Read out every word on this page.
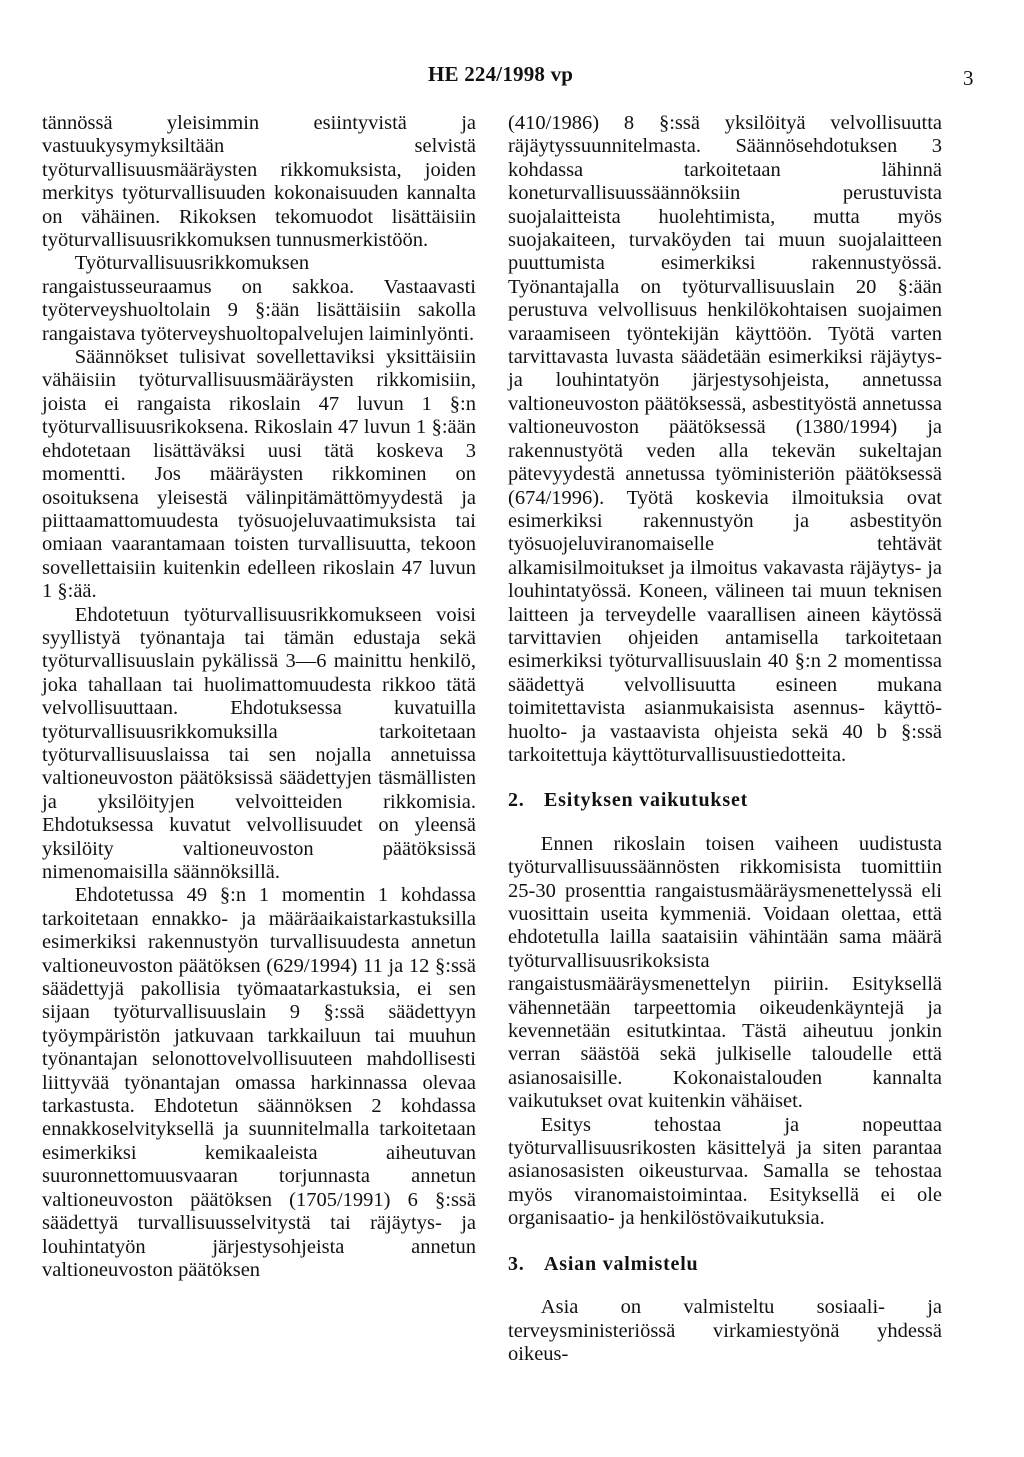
HE 224/1998 vp	3

tännössä yleisimmin esiintyvistä ja vastuukysymyksiltään selvistä työturvallisuusmääräysten rikkomuksista, joiden merkitys työturvallisuuden kokonaisuuden kannalta on vähäinen. Rikoksen tekomuodot lisättäisiin työturvallisuusrikkomuksen tunnusmerkistöön.

Työturvallisuusrikkomuksen rangaistusseuraamus on sakkoa. Vastaavasti työterveyshuoltolain 9 §:ään lisättäisiin sakolla rangaistava työterveyshuoltopalvelujen laiminlyönti.

Säännökset tulisivat sovellettaviksi yksittäisiin vähäisiin työturvallisuusmääräysten rikkomisiin, joista ei rangaista rikoslain 47 luvun 1 §:n työturvallisuusrikoksena. Rikoslain 47 luvun 1 §:ään ehdotetaan lisättäväksi uusi tätä koskeva 3 momentti. Jos määräysten rikkominen on osoituksena yleisestä välinpitämättömyydestä ja piittaamattomuudesta työsuojeluvaatimuksista tai omiaan vaarantamaan toisten turvallisuutta, tekoon sovellettaisiin kuitenkin edelleen rikoslain 47 luvun 1 §:ää.

Ehdotetuun työturvallisuusrikkomukseen voisi syyllistyä työnantaja tai tämän edustaja sekä työturvallisuuslain pykälissä 3—6 mainittu henkilö, joka tahallaan tai huolimattomuudesta rikkoo tätä velvollisuuttaan. Ehdotuksessa kuvatuilla työturvallisuusrikkomuksilla tarkoitetaan työturvallisuuslaissa tai sen nojalla annetuissa valtioneuvoston päätöksissä säädettyjen täsmällisten ja yksilöityjen velvoitteiden rikkomisia. Ehdotuksessa kuvatut velvollisuudet on yleensä yksilöity valtioneuvoston päätöksissä nimenomaisilla säännöksillä.

Ehdotetussa 49 §:n 1 momentin 1 kohdassa tarkoitetaan ennakko- ja määräaikaistarkastuksilla esimerkiksi rakennustyön turvallisuudesta annetun valtioneuvoston päätöksen (629/1994) 11 ja 12 §:ssä säädettyjä pakollisia työmaatarkastuksia, ei sen sijaan työturvallisuuslain 9 §:ssä säädettyyn työympäristön jatkuvaan tarkkailuun tai muuhun työnantajan selonottovelvollisuuteen mahdollisesti liittyvää työnantajan omassa harkinnassa olevaa tarkastusta. Ehdotetun säännöksen 2 kohdassa ennakkoselvityksellä ja suunnitelmalla tarkoitetaan esimerkiksi kemikaaleista aiheutuvan suuronnettomuusvaaran torjunnasta annetun valtioneuvoston päätöksen (1705/1991) 6 §:ssä säädettyä turvallisuusselvitystä tai räjäytys- ja louhintatyön järjestysohjeista annetun valtioneuvoston päätöksen

(410/1986) 8 §:ssä yksilöityä velvollisuutta räjäytyssuunnitelmasta. Säännösehdotuksen 3 kohdassa tarkoitetaan lähinnä koneturvallisuussäännöksiin perustuvista suojalaitteista huolehtimista, mutta myös suojakaiteen, turvaköyden tai muun suojalaitteen puuttumista esimerkiksi rakennustyössä. Työnantajalla on työturvallisuuslain 20 §:ään perustuva velvollisuus henkilökohtaisen suojaimen varaamiseen työntekijän käyttöön. Työtä varten tarvittavasta luvasta säädetään esimerkiksi räjäytys- ja louhintatyön järjestysohjeista, annetussa valtioneuvoston päätöksessä, asbestityöstä annetussa valtioneuvoston päätöksessä (1380/1994) ja rakennustyötä veden alla tekevän sukeltajan pätevyydestä annetussa työministeriön päätöksessä (674/1996). Työtä koskevia ilmoituksia ovat esimerkiksi rakennustyön ja asbestityön työsuojeluviranomaiselle tehtävät alkamisilmoitukset ja ilmoitus vakavasta räjäytys- ja louhintatyössä. Koneen, välineen tai muun teknisen laitteen ja terveydelle vaarallisen aineen käytössä tarvittavien ohjeiden antamisella tarkoitetaan esimerkiksi työturvallisuuslain 40 §:n 2 momentissa säädettyä velvollisuutta esineen mukana toimitettavista asianmukaisista asennus- käyttö- huolto- ja vastaavista ohjeista sekä 40 b §:ssä tarkoitettuja käyttöturvallisuustiedotteita.

2. Esityksen vaikutukset

Ennen rikoslain toisen vaiheen uudistusta työturvallisuussäännösten rikkomisista tuomittiin 25-30 prosenttia rangaistusmääräysmenettelyssä eli vuosittain useita kymmeniä. Voidaan olettaa, että ehdotetulla lailla saataisiin vähintään sama määrä työturvallisuusrikoksista rangaistusmääräysmenettelyn piiriin. Esityksellä vähennetään tarpeettomia oikeudenkäyntejä ja kevennetään esitutkintaa. Tästä aiheutuu jonkin verran säästöä sekä julkiselle taloudelle että asianosaisille. Kokonaistalouden kannalta vaikutukset ovat kuitenkin vähäiset.

Esitys tehostaa ja nopeuttaa työturvallisuusrikosten käsittelyä ja siten parantaa asianosasisten oikeusturvaa. Samalla se tehostaa myös viranomaistoimintaa. Esityksellä ei ole organisaatio- ja henkilöstövaikutuksia.

3. Asian valmistelu

Asia on valmisteltu sosiaali- ja terveysministeriössä virkamiestyönä yhdessä oikeus-
